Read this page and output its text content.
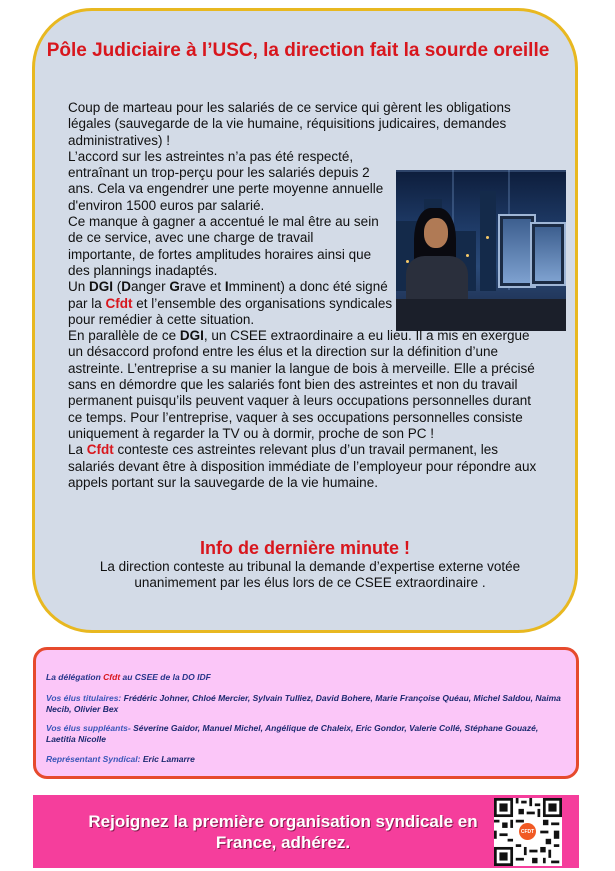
Pôle Judiciaire à l’USC, la direction fait la sourde oreille

Coup de marteau pour les salariés de ce service qui gèrent les obligations légales (sauvegarde de la vie humaine, réquisitions judicaires, demandes administratives) !

L’accord sur les astreintes n’a pas été respecté, entraînant un trop-perçu pour les salariés depuis 2 ans. Cela va engendrer une perte moyenne annuelle d'environ 1500 euros par salarié.

Ce manque à gagner a accentué le mal être au sein de ce service, avec une charge de travail importante, de fortes amplitudes horaires ainsi que des plannings inadaptés.

Un DGI (Danger Grave et Imminent) a donc été signé par la Cfdt et l’ensemble des organisations syndicales pour remédier à cette situation.

En parallèle de ce DGI, un CSEE extraordinaire a eu lieu. Il a mis en exergue un désaccord profond entre les élus et la direction sur la définition d’une astreinte. L’entreprise a su manier la langue de bois à merveille. Elle a précisé sans en démordre que les salariés font bien des astreintes et non du travail permanent puisqu’ils peuvent vaquer à leurs occupations personnelles durant ce temps. Pour l’entreprise, vaquer à ses occupations personnelles consiste uniquement à regarder la TV ou à dormir, proche de son PC !

La Cfdt conteste ces astreintes relevant plus d’un travail permanent, les salariés devant être à disposition immédiate de l’employeur pour répondre aux appels portant sur la sauvegarde de la vie humaine.

Info de dernière minute !
La direction conteste au tribunal la demande d’expertise externe votée unanimement par les élus lors de ce CSEE extraordinaire .
La délégation Cfdt au CSEE de la DO IDF
Vos élus titulaires: Frédéric Johner, Chloé Mercier, Sylvain Tulliez, David Bohere, Marie Françoise Quéau, Michel Saldou, Naima Necib, Olivier Bex
Vos élus suppléants- Séverine Gaidor, Manuel Michel, Angélique de Chaleix, Eric Gondor, Valerie Collé, Stéphane Gouazé, Laetitia Nicolle
Représentant Syndical: Eric Lamarre
Rejoignez la première organisation syndicale en France, adhérez.
CFDT
